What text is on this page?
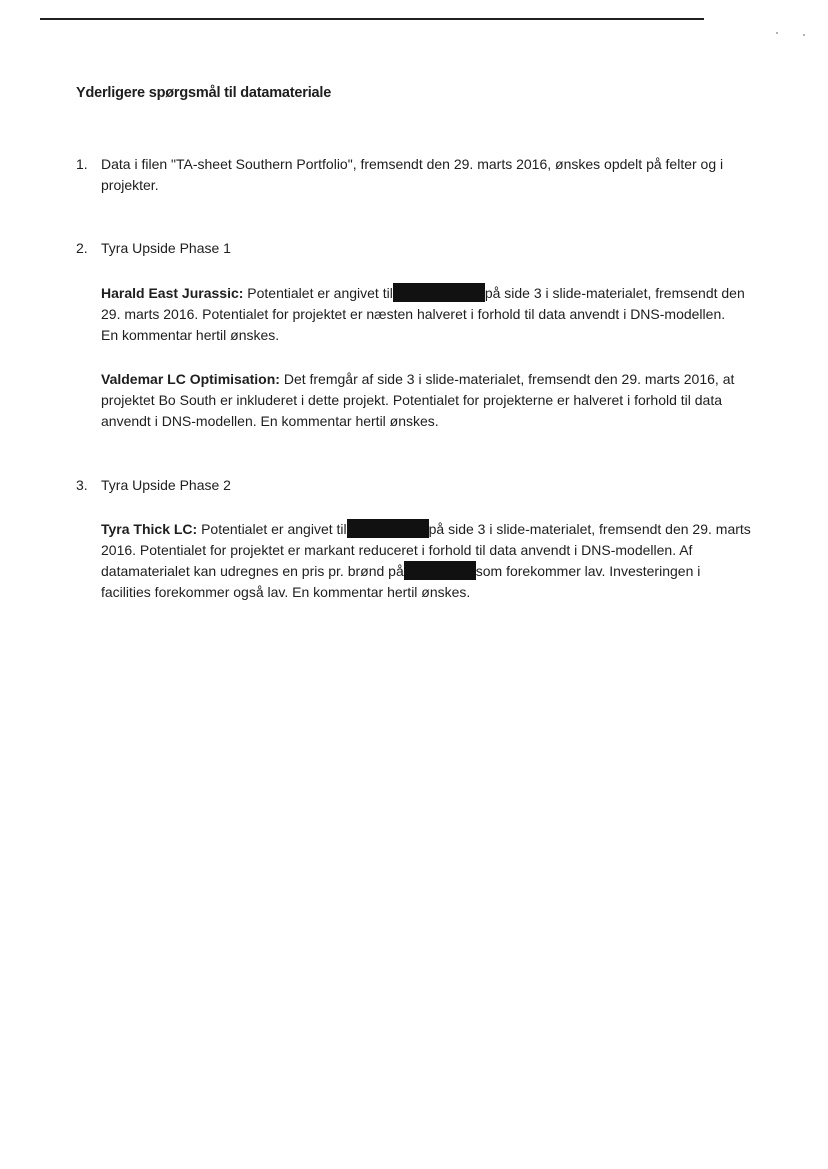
Yderligere spørgsmål til datamateriale
1. Data i filen "TA-sheet Southern Portfolio", fremsendt den 29. marts 2016, ønskes opdelt på felter og i
projekter.
2. Tyra Upside Phase 1
Harald East Jurassic: Potentialet er angivet til	på side 3 i slide-materialet, fremsendt den
29. marts 2016. Potentialet for projektet er næsten halveret i forhold til data anvendt i DNS-modellen.
En kommentar hertil ønskes.
Valdemar LC Optimisation: Det fremgår af side 3 i slide-materialet, fremsendt den 29. marts 2016, at
projektet Bo South er inkluderet i dette projekt. Potentialet for projekterne er halveret i forhold til data
anvendt i DNS-modellen. En kommentar hertil ønskes.
3. Tyra Upside Phase 2
Tyra Thick LC: Potentialet er angivet til	på side 3 i slide-materialet, fremsendt den 29. marts
2016. Potentialet for projektet er markant reduceret i forhold til data anvendt i DNS-modellen. Af
datamaterialet kan udregnes en pris pr. brønd på	som forekommer lav. Investeringen i
facilities forekommer også lav. En kommentar hertil ønskes.
